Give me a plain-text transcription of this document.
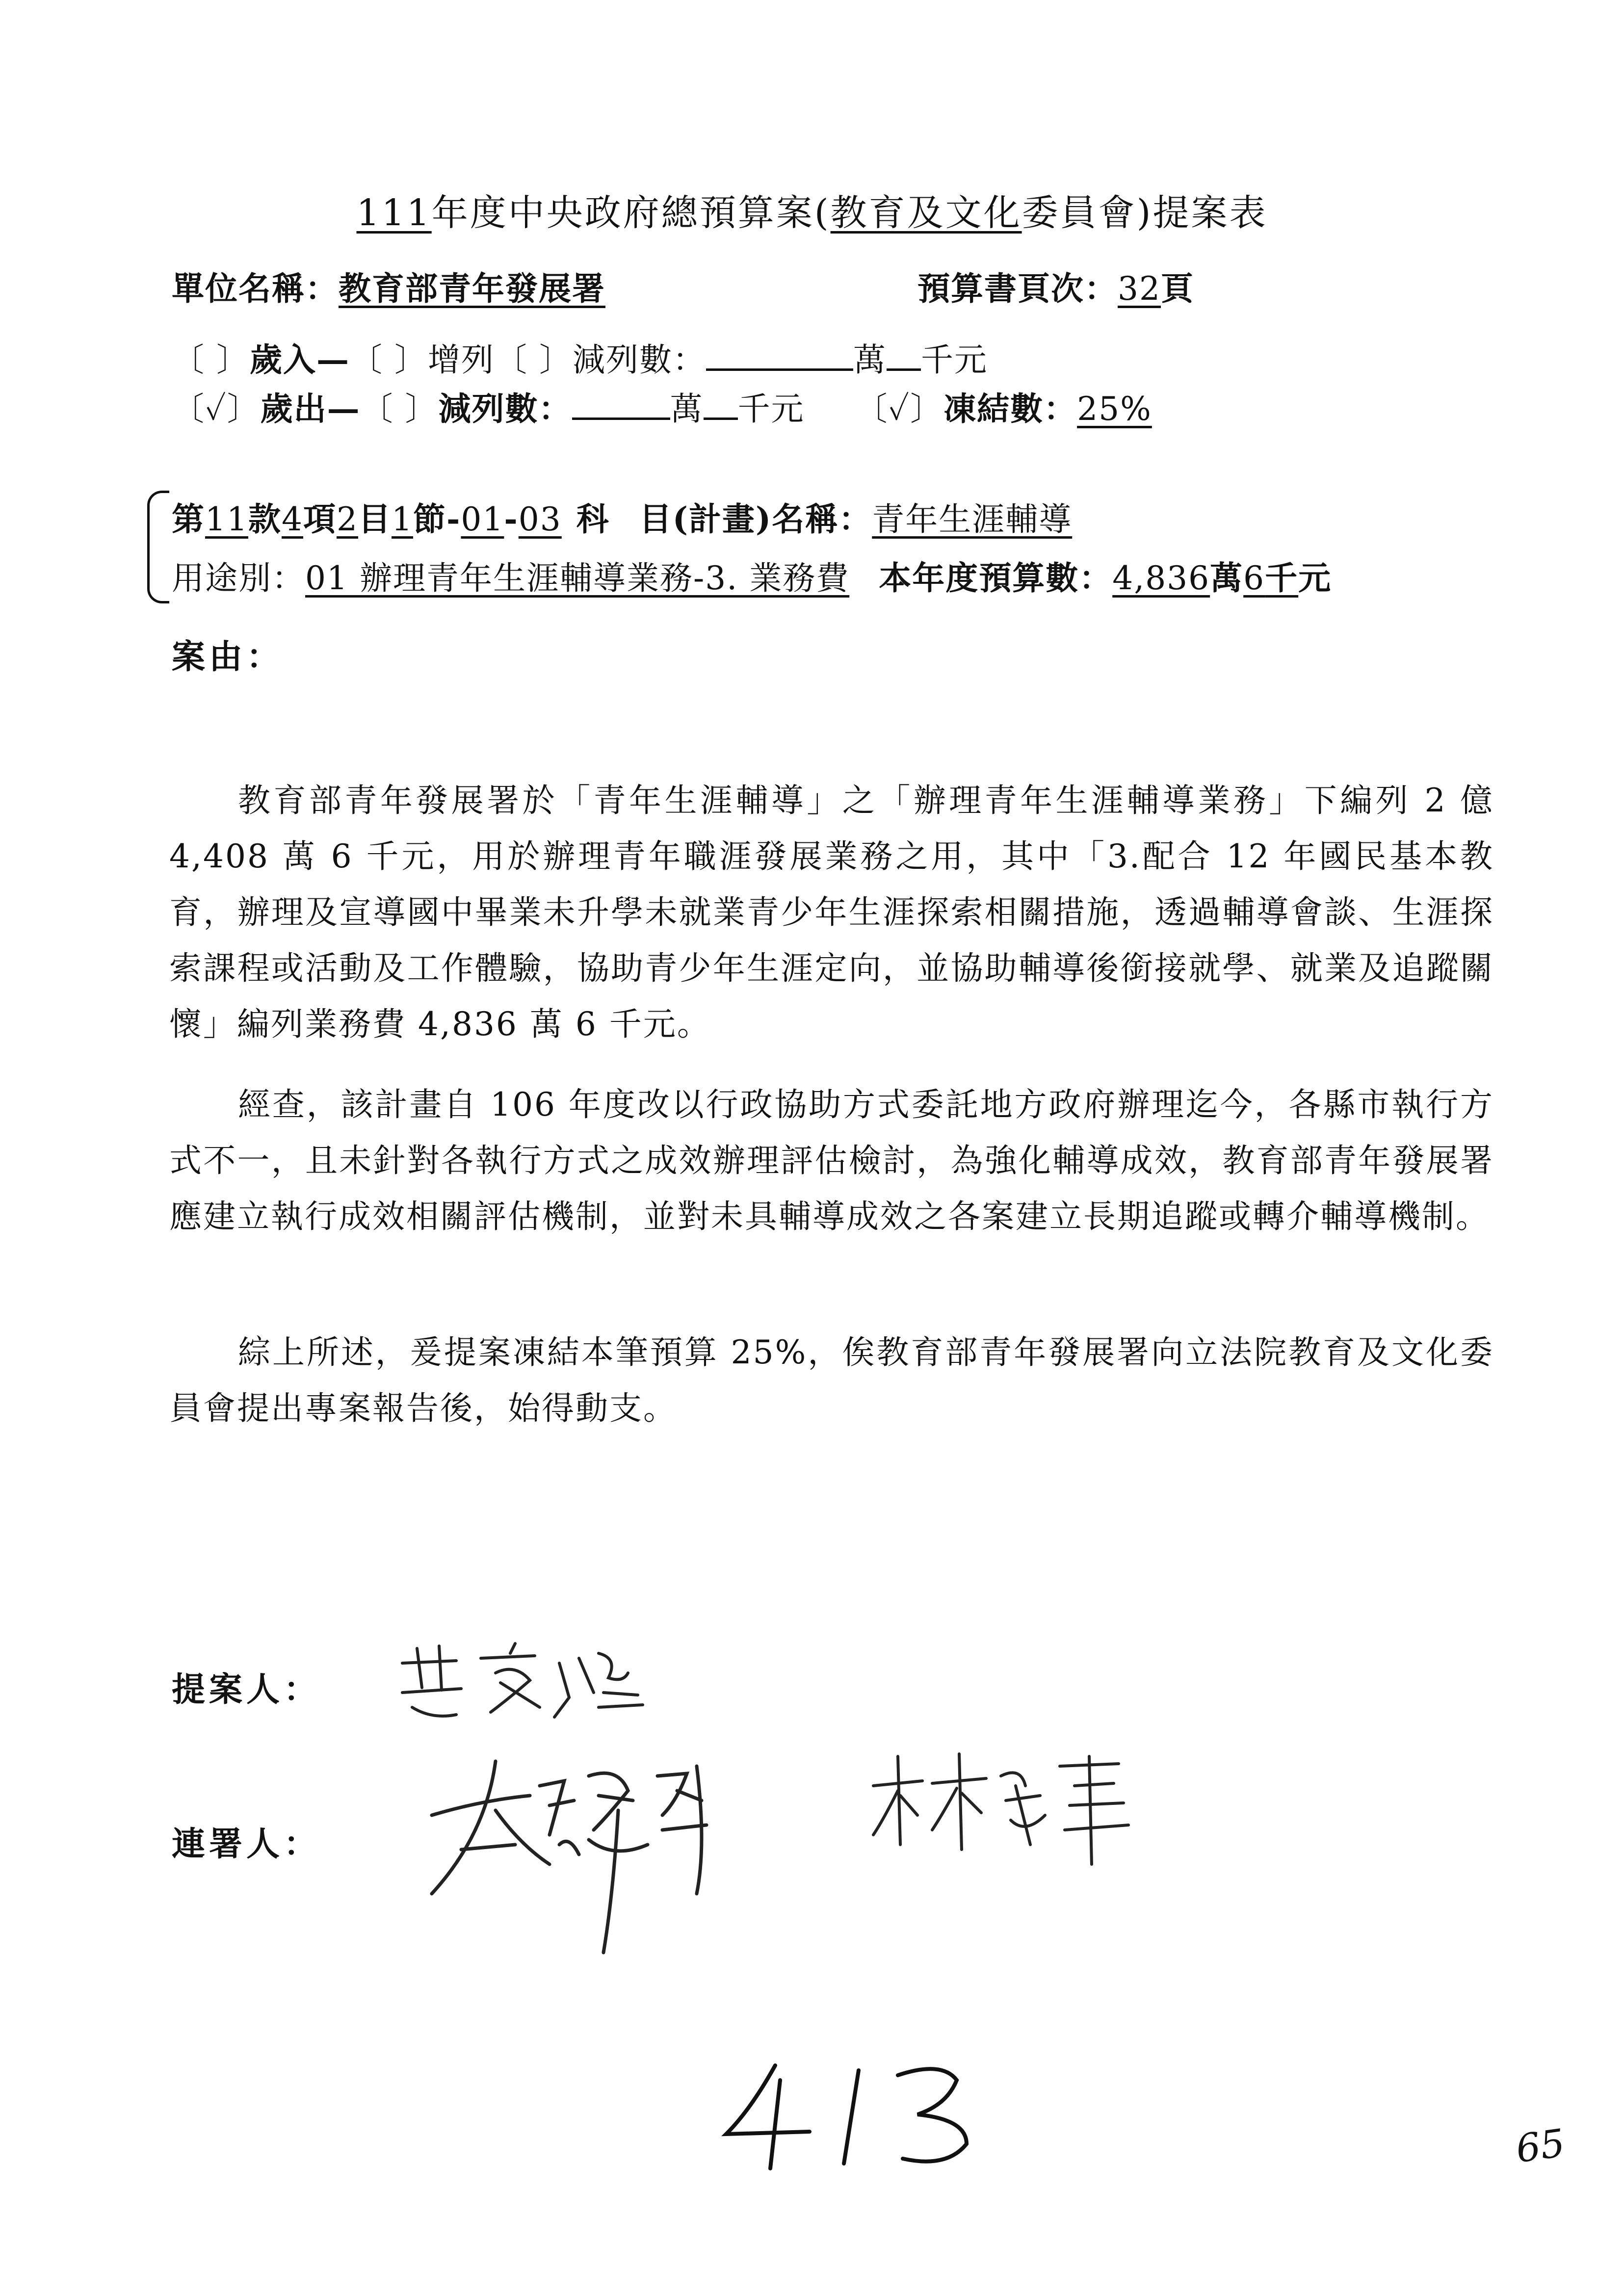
111年度中央政府總預算案(教育及文化委員會)提案表
單位名稱：教育部青年發展署	預算書頁次：32頁
〔 〕歲入—〔 〕增列〔 〕減列數：	萬 千元
〔✓〕歲出—〔 〕減列數：	萬 千元 〔✓〕凍結數：25%
第11款4項2目1節-01-03 科 目(計畫)名稱：青年生涯輔導
用途別：01 辦理青年生涯輔導業務-3. 業務費 本年度預算數：4,836萬6千元
案由：
教育部青年發展署於「青年生涯輔導」之「辦理青年生涯輔導業務」下編列 2 億 4,408 萬 6 千元，用於辦理青年職涯發展業務之用，其中「3.配合 12 年國民基本教育，辦理及宣導國中畢業未升學未就業青少年生涯探索相關措施，透過輔導會談、生涯探索課程或活動及工作體驗，協助青少年生涯定向，並協助輔導後銜接就學、就業及追蹤關懷」編列業務費 4,836 萬 6 千元。
經查，該計畫自 106 年度改以行政協助方式委託地方政府辦理迄今，各縣市執行方式不一，且未針對各執行方式之成效辦理評估檢討，為強化輔導成效，教育部青年發展署應建立執行成效相關評估機制，並對未具輔導成效之各案建立長期追蹤或轉介輔導機制。
綜上所述，爰提案凍結本筆預算 25%，俟教育部青年發展署向立法院教育及文化委員會提出專案報告後，始得動支。
提案人：
連署人：
65
